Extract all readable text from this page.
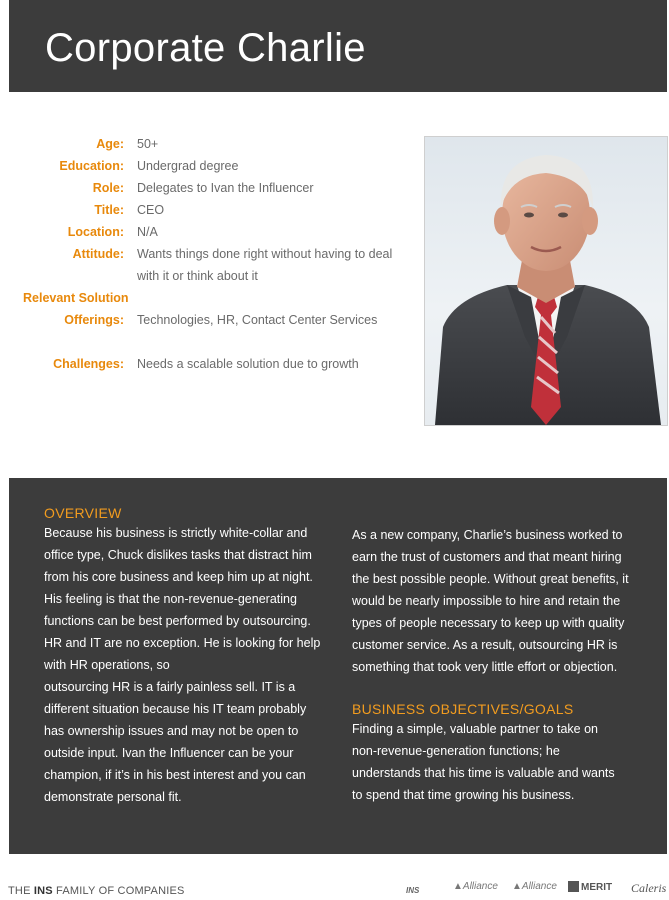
Corporate Charlie
Age: 50+
Education: Undergrad degree
Role: Delegates to Ivan the Influencer
Title: CEO
Location: N/A
Attitude: Wants things done right without having to deal
with it or think about it
Relevant Solution
Offerings: Technologies, HR, Contact Center Services
Challenges: Needs a scalable solution due to growth
OVERVIEW

Because his business is strictly white-collar and

office type, Chuck dislikes tasks that distract him

from his core business and keep him up at night.

His feeling is that the non-revenue-generating

functions can be best performed by outsourcing.

HR and IT are no exception. He is looking for help

with HR operations, so

outsourcing HR is a fairly painless sell. IT is a

different situation because his IT team probably

has ownership issues and may not be open to

outside input. Ivan the Influencer can be your

champion, if it’s in his best interest and you can

demonstrate personal fit.

As a new company, Charlie’s business worked to

earn the trust of customers and that meant hiring

the best possible people. Without great benefits, it

would be nearly impossible to hire and retain the

types of people necessary to keep up with quality

customer service. As a result, outsourcing HR is

something that took very little effort or objection.

BUSINESS OBJECTIVES/GOALS

Finding a simple, valuable partner to take on

non-revenue-generation functions; he

understands that his time is valuable and wants

to spend that time growing his business.

THE INS FAMILY OF COMPANIES	INS	▲Alliance ▲Alliance	MERIT Caleris
